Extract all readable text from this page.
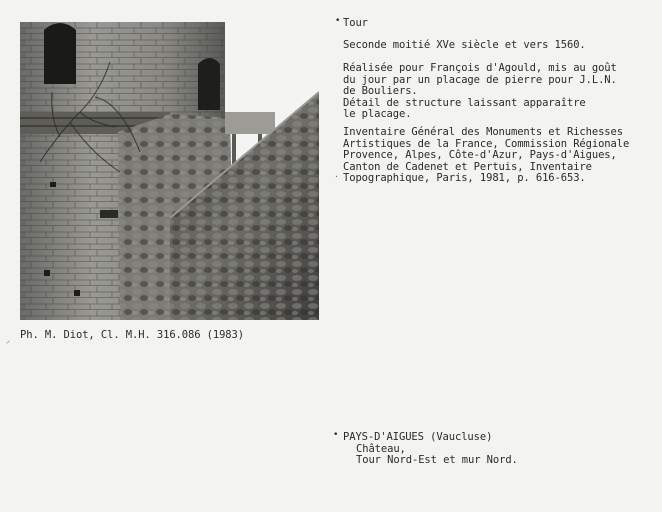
• Tour
Seconde moitié XVe siècle et vers 1560.
Réalisée pour François d'Agould, mis au goût
du jour par un placage de pierre pour J.L.N.
de Bouliers.
Détail de structure laissant apparaître
le placage.
Inventaire Général des Monuments et Richesses
Artistiques de la France, Commission Régionale
Provence, Alpes, Côte-d'Azur, Pays-d'Aigues,
Canton de Cadenet et Pertuis, Inventaire
Topographique, Paris, 1981, p. 616-653.
·
Ph. M. Diot, Cl. M.H. 316.086 (1983)
⸝
• PAYS-D'AIGUES (Vaucluse)
Château,
Tour Nord-Est et mur Nord.
